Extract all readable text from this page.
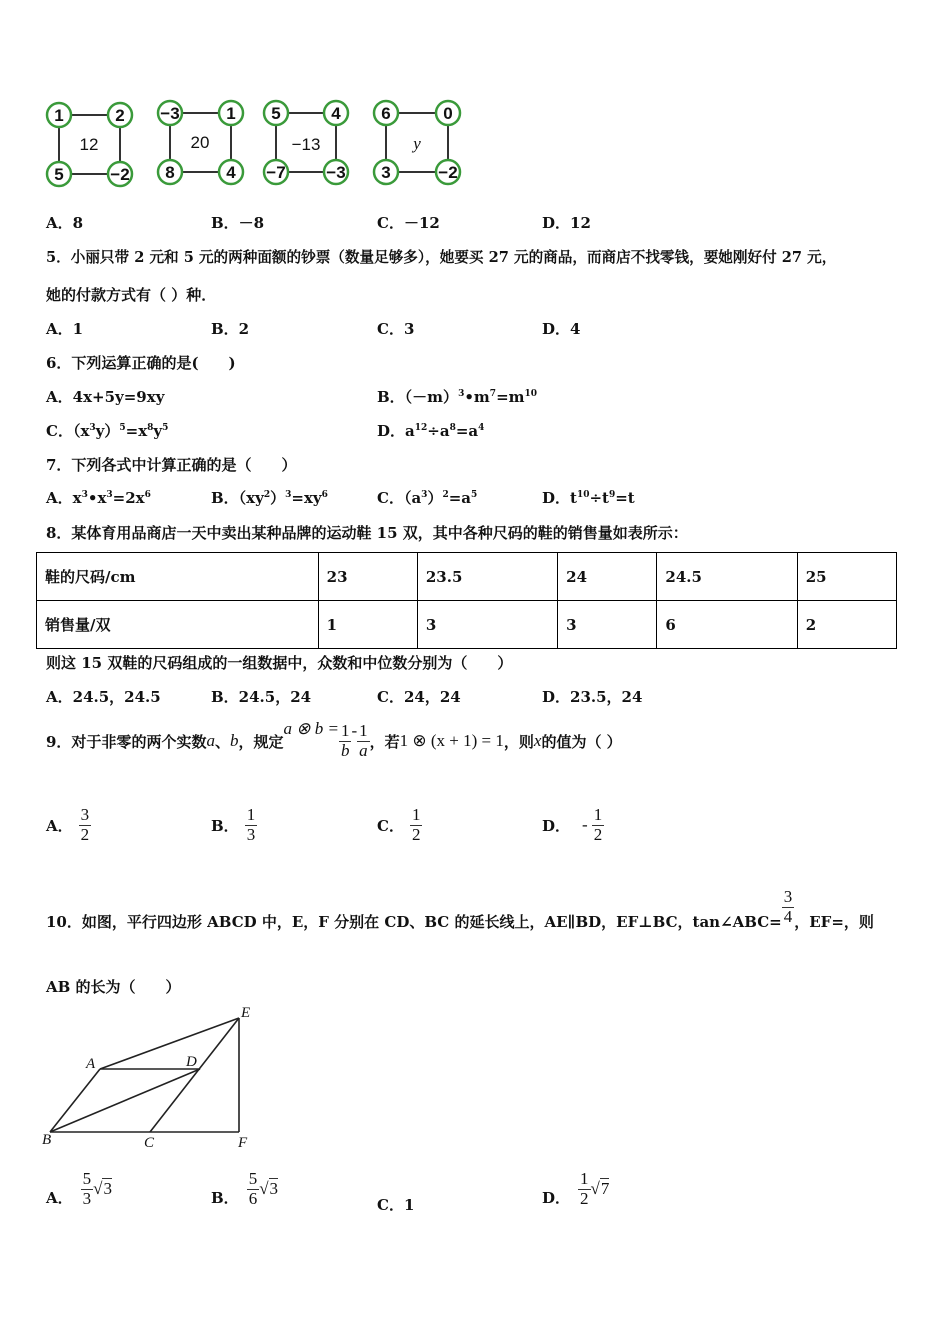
1	2
5	−2
12
−3	1
8	4
20
5	4
−7 −3
−13
6	0
3	−2
y
A．8	B．－8	C．－12	D．12
5．小丽只带 2 元和 5 元的两种面额的钞票（数量足够多），她要买 27 元的商品，而商店不找零钱，要她刚好付 27 元，
她的付款方式有（ ）种．
A．1	B．2	C．3	D．4
6．下列运算正确的是(　　)
A．4x+5y=9xy	B．$(-m)^3•m^7=m^{10}$
C．$(x^3y)^5=x^8y^5$	D．$a^{12}\div a^8=a^4$
7．下列各式中计算正确的是（　　）
A．$x^3•x^3=2x^6$	B．$(xy^2)^3=xy^6$	C．$(a^3)^2=a^5$	D．$t^{10}\div t^9=t$
8．某体育用品商店一天中卖出某种品牌的运动鞋 15 双，其中各种尺码的鞋的销售量如表所示：
鞋的尺码/cm	23	23.5	24	24.5	25
销售量/双	1	3	3	6	2
则这 15 双鞋的尺码组成的一组数据中，众数和中位数分别为（　　）
A．24.5，24.5	B．24.5，24	C．24，24	D．23.5，24
9．对于非零的两个实数 a 、 b ，规定
a ⊗ $b = \frac{1}{b} - \frac{1}{a}$ ，若 1 ⊗ (x + 1) = 1 ，则 x 的值为（ ）
A． $\frac{3}{2}$	B． $\frac{1}{3}$	C． $\frac{1}{2}$	D． - $\frac{1}{2}$
10．如图，平行四边形 ABCD 中，E，F 分别在 CD、BC 的延长线上，AE∥BD，EF⊥BC，tan∠ABC= $\frac{3}{4}$ ，EF=，则
AB 的长为（　　）
A	D
E
B	C	F
A． $\frac{5}{3} √3$	B． $\frac{5}{6} √3$
C．1	D． $\frac{1}{2} √7$
